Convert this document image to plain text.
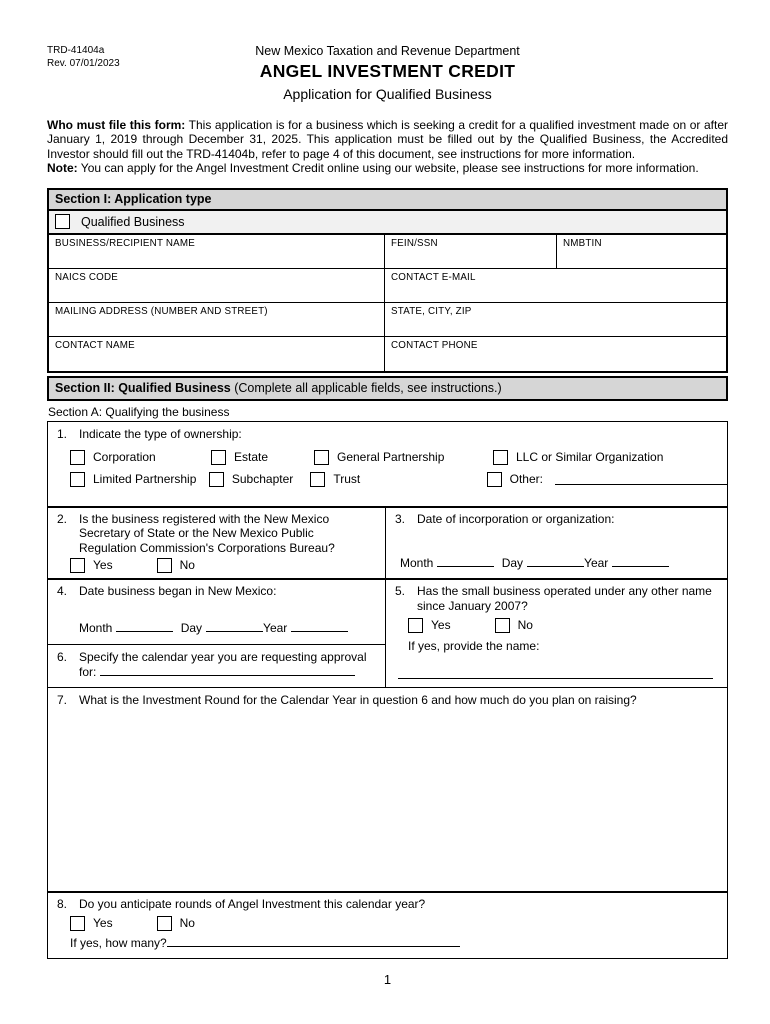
TRD-41404a
Rev. 07/01/2023
New Mexico Taxation and Revenue Department
ANGEL INVESTMENT CREDIT
Application for Qualified Business
Who must file this form: This application is for a business which is seeking a credit for a qualified investment made on or after January 1, 2019 through December 31, 2025. This application must be filled out by the Qualified Business, the Accredited Investor should fill out the TRD-41404b, refer to page 4 of this document, see instructions for more information.
Note: You can apply for the Angel Investment Credit online using our website, please see instructions for more information.
Section I: Application type
Qualified Business
BUSINESS/RECIPIENT NAME	FEIN/SSN	NMBTIN
NAICS CODE	CONTACT E-MAIL
MAILING ADDRESS (NUMBER AND STREET)	STATE, CITY, ZIP
CONTACT NAME	CONTACT PHONE
Section II: Qualified Business (Complete all applicable fields, see instructions.)
Section A: Qualifying the business
1. Indicate the type of ownership:
Corporation	Estate	General Partnership	LLC or Similar Organization
Limited Partnership	Subchapter	Trust	Other:
2. Is the business registered with the New Mexico Secretary of State or the New Mexico Public Regulation Commission's Corporations Bureau?
Yes	No
3. Date of incorporation or organization:
Month	Day	Year
4. Date business began in New Mexico:
Month	Day	Year
6. Specify the calendar year you are requesting approval for:
5. Has the small business operated under any other name since January 2007?
Yes	No
If yes, provide the name:
7. What is the Investment Round for the Calendar Year in question 6 and how much do you plan on raising?
8. Do you anticipate rounds of Angel Investment this calendar year?
Yes	No
If yes, how many?
1
